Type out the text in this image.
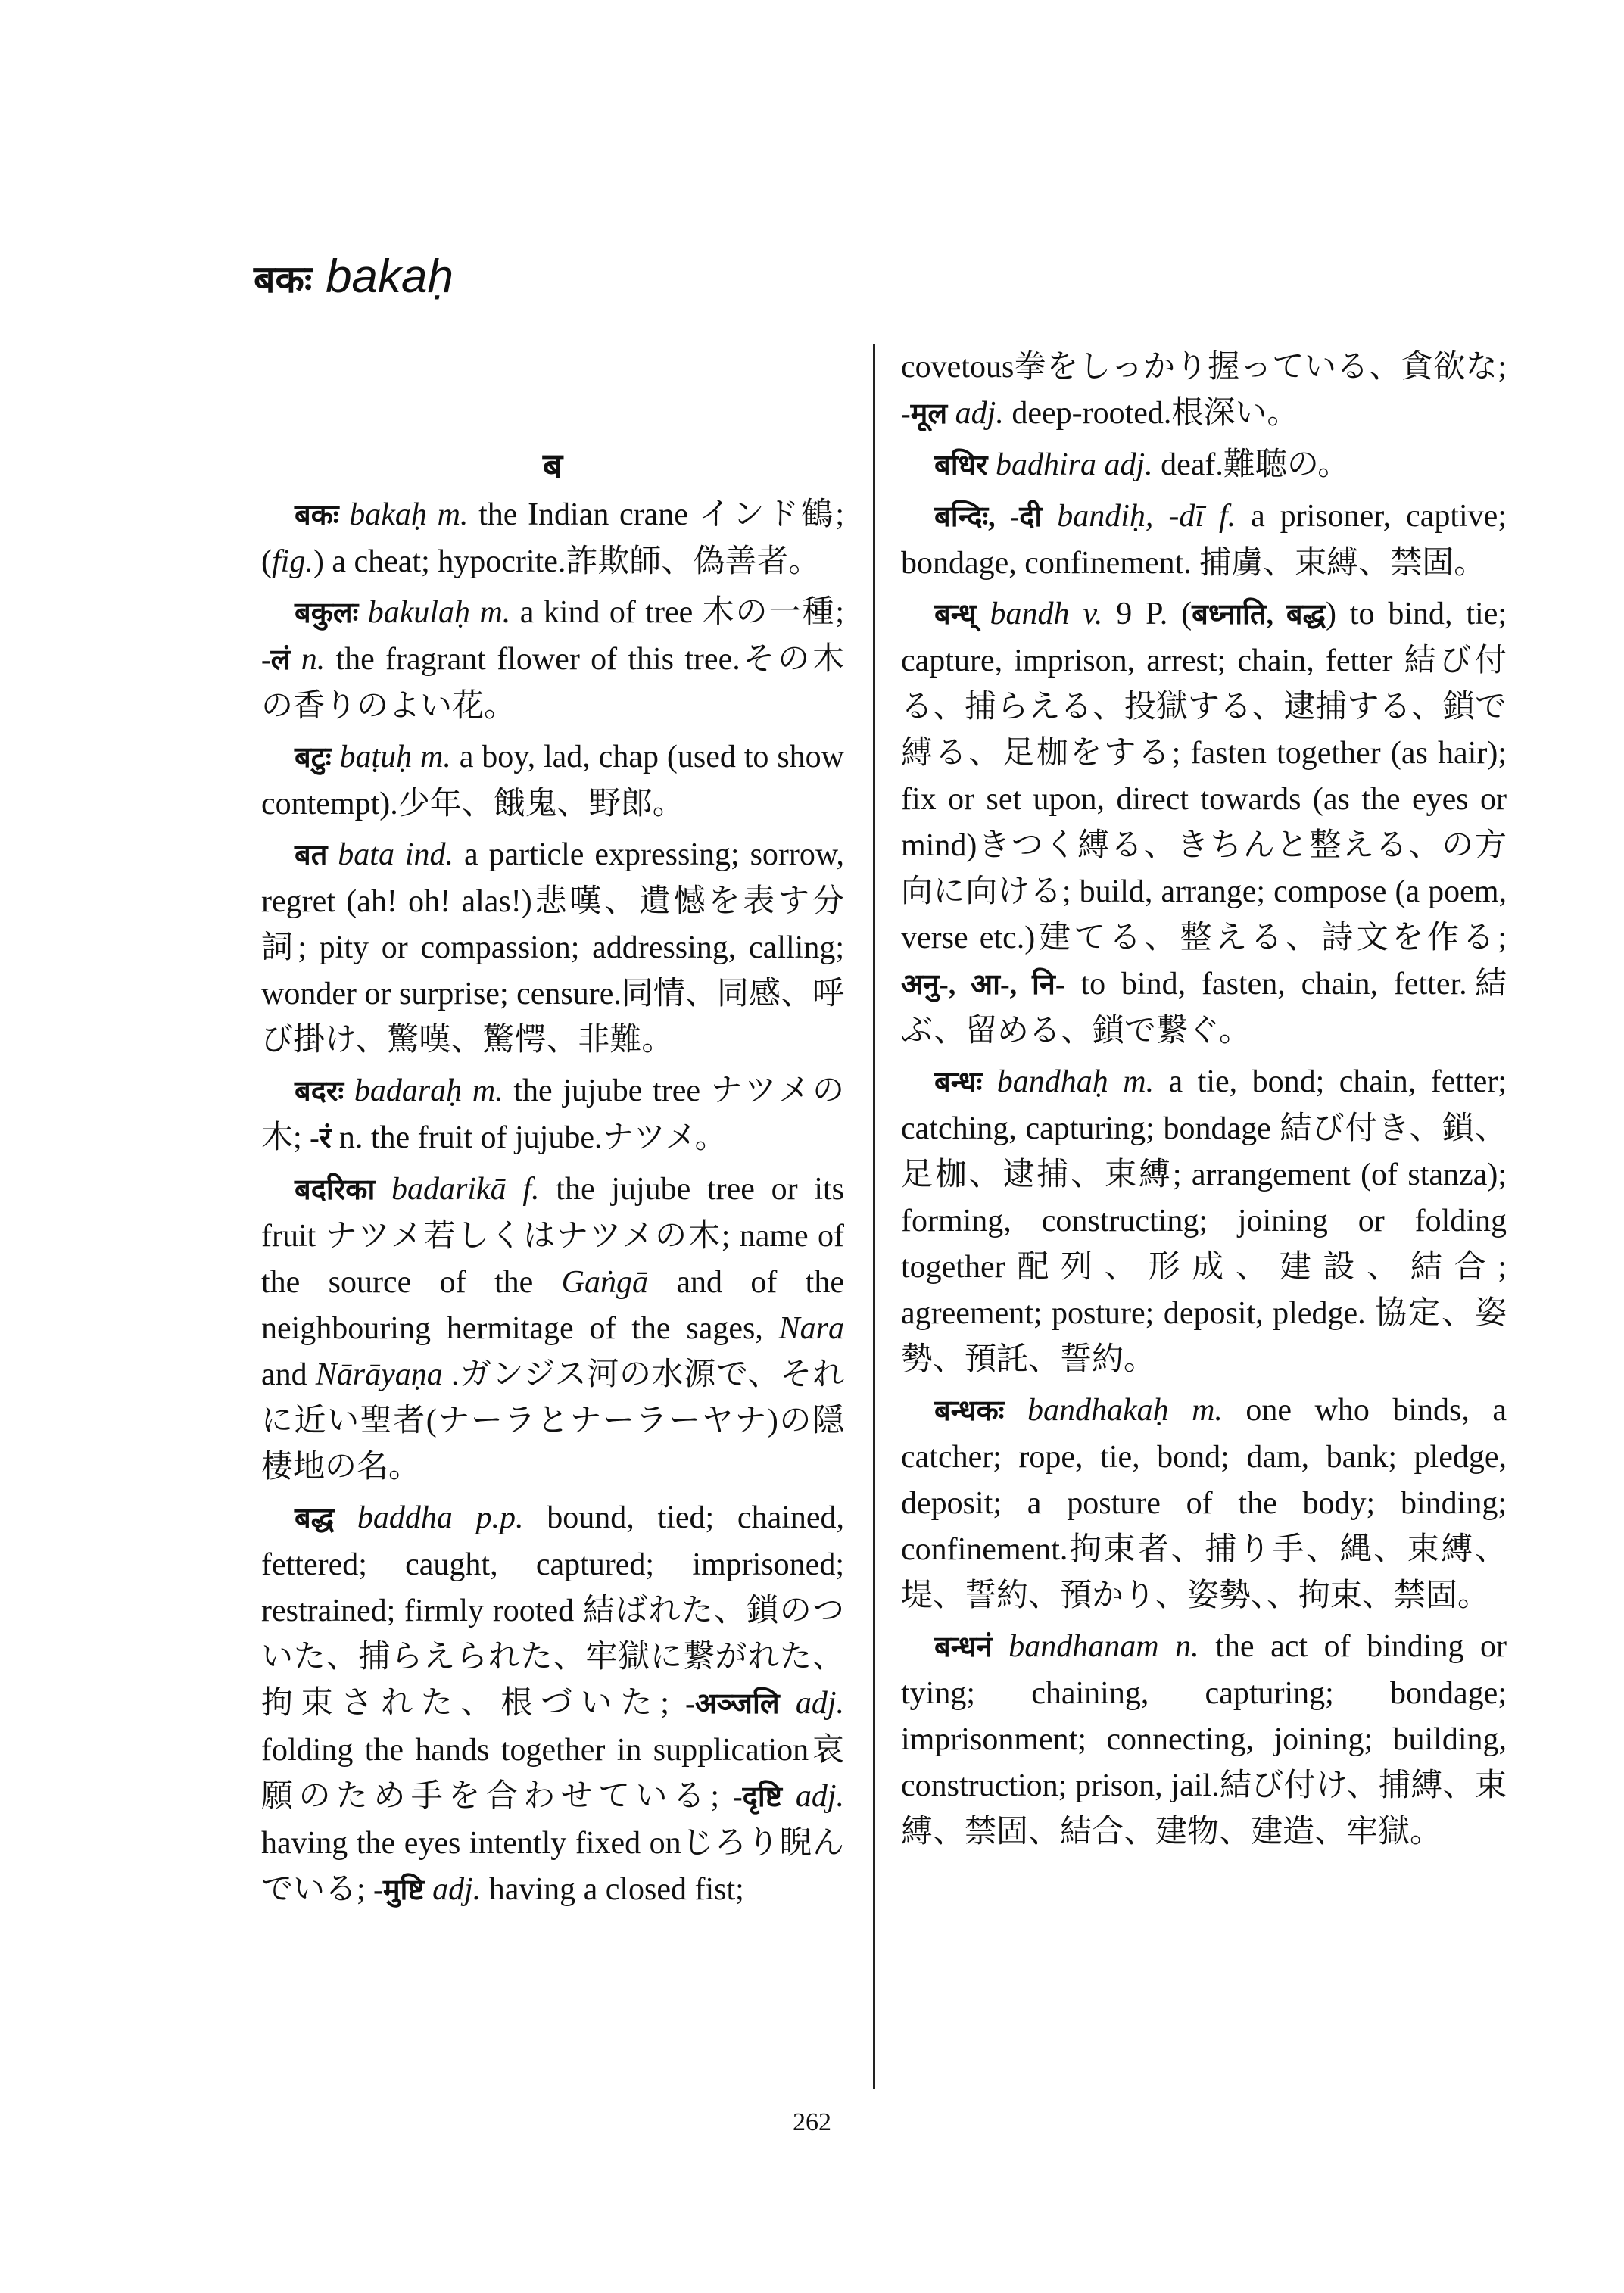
बकः bakaḥ
ब

बकः bakaḥ m. the Indian crane インド鶴; (fig.) a cheat; hypocrite.詐欺師、偽善者。

बकुलः bakulaḥ m. a kind of tree 木の一種; -लं n. the fragrant flower of this tree.その木の香りのよい花。

बटुः baṭuḥ m. a boy, lad, chap (used to show contempt).少年、餓鬼、野郎。

बत bata ind. a particle expressing; sorrow, regret (ah! oh! alas!)悲嘆、遺憾を表す分詞; pity or compassion; addressing, calling; wonder or surprise; censure.同情、同感、呼び掛け、驚嘆、驚愕、非難。

बदरः badaraḥ m. the jujube tree ナツメの木; -रं n. the fruit of jujube.ナツメ。

बदरिका badarikā f. the jujube tree or its fruit ナツメ若しくはナツメの木; name of the source of the Gaṅgā and of the neighbouring hermitage of the sages, Nara and Nārāyaṇa .ガンジス河の水源で、それに近い聖者(ナーラとナーラーヤナ)の隠棲地の名。

बद्ध baddha p.p. bound, tied; chained, fettered; caught, captured; imprisoned; restrained; firmly rooted 結ばれた、鎖のついた、捕らえられた、牢獄に繋がれた、拘束された、根づいた; -अञ्जलि adj. folding the hands together in supplication哀願のため手を合わせている; -दृष्टि adj. having the eyes intently fixed onじろり睨んでいる; -मुष्टि adj. having a closed fist;

covetous拳をしっかり握っている、貪欲な; -मूल adj. deep-rooted.根深い。

बधिर badhira adj. deaf.難聴の。

बन्दिः, -दी bandiḥ, -dī f. a prisoner, captive; bondage, confinement. 捕虜、束縛、禁固。

बन्ध् bandh v. 9 P. (बध्नाति, बद्ध) to bind, tie; capture, imprison, arrest; chain, fetter 結び付る、捕らえる、投獄する、逮捕する、鎖で縛る、足枷をする; fasten together (as hair); fix or set upon, direct towards (as the eyes or mind)きつく縛る、きちんと整える、の方向に向ける; build, arrange; compose (a poem, verse etc.)建てる、整える、詩文を作る; अनु-, आ-, नि- to bind, fasten, chain, fetter.結ぶ、留める、鎖で繋ぐ。

बन्धः bandhaḥ m. a tie, bond; chain, fetter; catching, capturing; bondage 結び付き、鎖、足枷、逮捕、束縛; arrangement (of stanza); forming, constructing; joining or folding together配列、形成、建設、結合; agreement; posture; deposit, pledge. 協定、姿勢、預託、誓約。

बन्धकः bandhakaḥ m. one who binds, a catcher; rope, tie, bond; dam, bank; pledge, deposit; a posture of the body; binding; confinement.拘束者、捕り手、縄、束縛、堤、誓約、預かり、姿勢、、拘束、禁固。

बन्धनं bandhanam n. the act of binding or tying; chaining, capturing; bondage; imprisonment; connecting, joining; building, construction; prison, jail.結び付け、捕縛、束縛、禁固、結合、建物、建造、牢獄。

262
